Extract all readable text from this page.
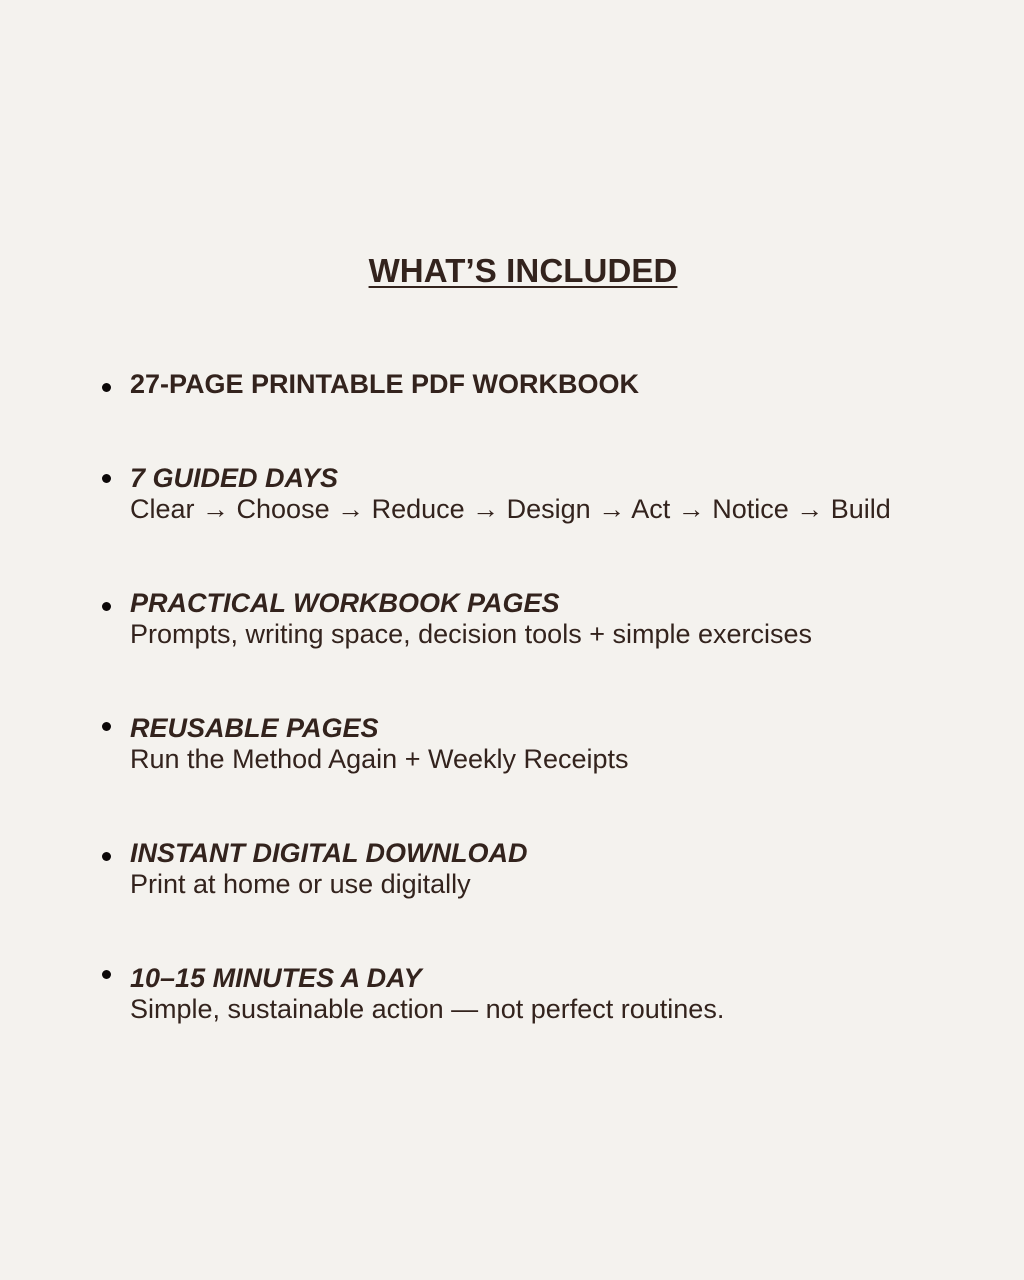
WHAT’S INCLUDED
27-PAGE PRINTABLE PDF WORKBOOK
7 GUIDED DAYS
Clear → Choose → Reduce → Design → Act → Notice → Build
PRACTICAL WORKBOOK PAGES
Prompts, writing space, decision tools + simple exercises
REUSABLE PAGES
Run the Method Again + Weekly Receipts
INSTANT DIGITAL DOWNLOAD
Print at home or use digitally
10–15 MINUTES A DAY
Simple, sustainable action — not perfect routines.
